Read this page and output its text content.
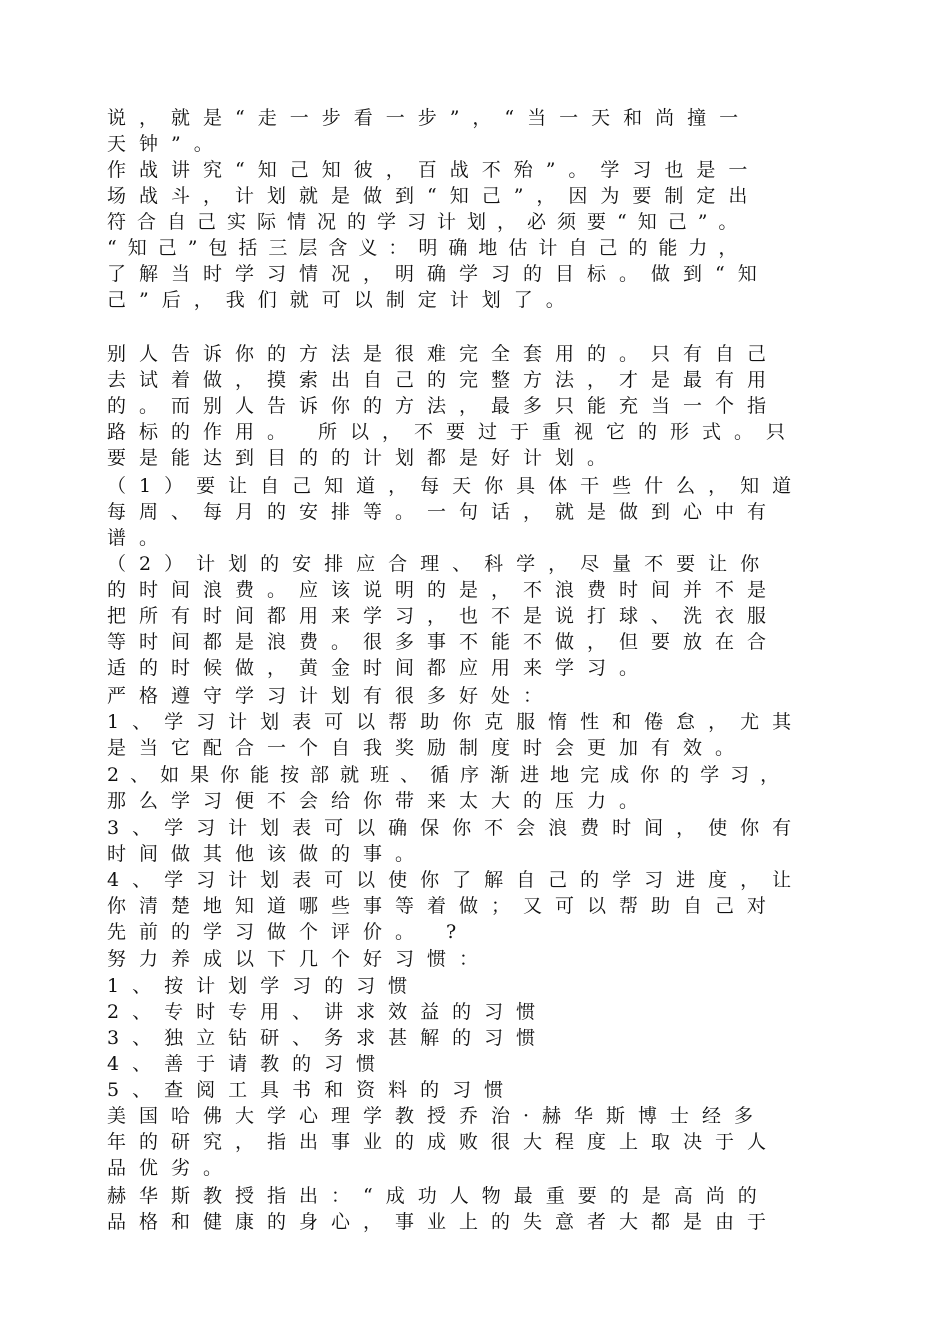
说，就是“走一步看一步”，“当一天和尚撞一
天钟”。
作战讲究“知己知彼，百战不殆”。学习也是一
场战斗，计划就是做到“知己”，因为要制定出
符合自己实际情况的学习计划，必须要“知己”。
“知己”包括三层含义：明确地估计自己的能力，
了解当时学习情况，明确学习的目标。做到“知
己”后，我们就可以制定计划了。
别人告诉你的方法是很难完全套用的。只有自己
去试着做，摸索出自己的完整方法，才是最有用
的。而别人告诉你的方法，最多只能充当一个指
路标的作用。 所以，不要过于重视它的形式。只
要是能达到目的的计划都是好计划。
（1）要让自己知道，每天你具体干些什么，知道
每周、每月的安排等。一句话，就是做到心中有
谱。
（2）计划的安排应合理、科学，尽量不要让你
的时间浪费。应该说明的是，不浪费时间并不是
把所有时间都用来学习，也不是说打球、洗衣服
等时间都是浪费。很多事不能不做，但要放在合
适的时候做，黄金时间都应用来学习。
严格遵守学习计划有很多好处：
1、学习计划表可以帮助你克服惰性和倦怠，尤其
是当它配合一个自我奖励制度时会更加有效。
2、如果你能按部就班、循序渐进地完成你的学习，
那么学习便不会给你带来太大的压力。
3、学习计划表可以确保你不会浪费时间，使你有
时间做其他该做的事。
4、学习计划表可以使你了解自己的学习进度，让
你清楚地知道哪些事等着做；又可以帮助自己对
先前的学习做个评价。 ?
努力养成以下几个好习惯：
1、按计划学习的习惯
2、专时专用、讲求效益的习惯
3、独立钻研、务求甚解的习惯
4、善于请教的习惯
5、查阅工具书和资料的习惯
美国哈佛大学心理学教授乔治·赫华斯博士经多
年的研究，指出事业的成败很大程度上取决于人
品优劣。
赫华斯教授指出：“成功人物最重要的是高尚的
品格和健康的身心，事业上的失意者大都是由于
